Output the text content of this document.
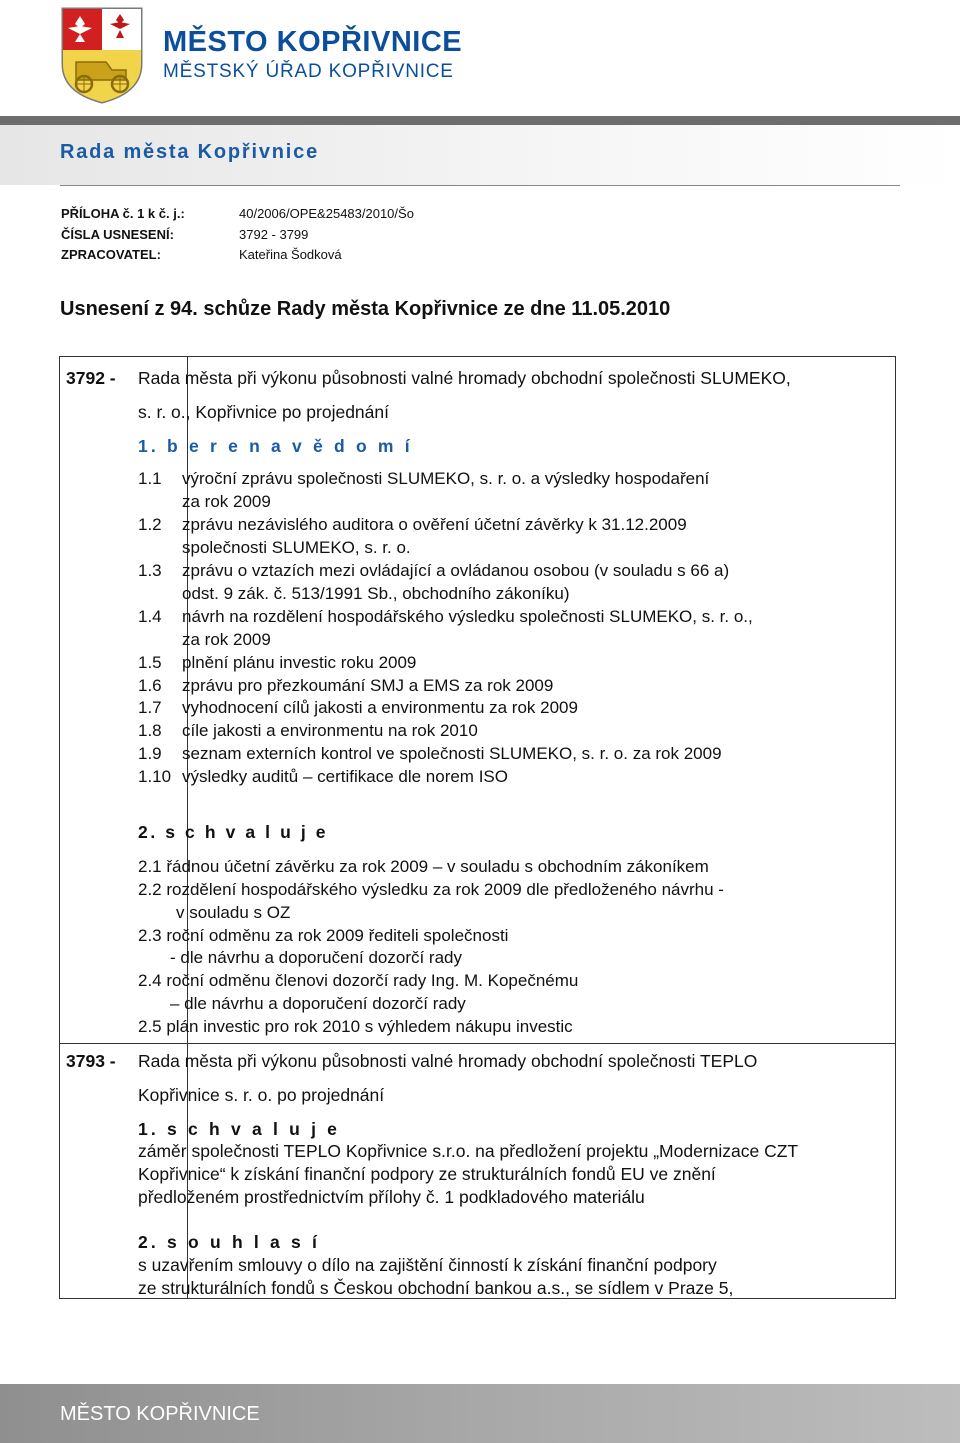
MĚSTO KOPŘIVNICE
MĚSTSKÝ ÚŘAD KOPŘIVNICE
Rada města Kopřivnice
PŘÍLOHA č. 1 k č. j.:	40/2006/OPE&25483/2010/Šo
ČÍSLA USNESENÍ:	3792 - 3799
ZPRACOVATEL:	Kateřina Šodková
Usnesení z 94. schůze Rady města Kopřivnice ze dne 11.05.2010
3792 - Rada města při výkonu působnosti valné hromady obchodní společnosti SLUMEKO,
s. r. o., Kopřivnice po projednání
1. b e r e n a v ě d o m í
1.1 výroční zprávu společnosti SLUMEKO, s. r. o. a výsledky hospodaření
za rok 2009
1.2 zprávu nezávislého auditora o ověření účetní závěrky k 31.12.2009
společnosti SLUMEKO, s. r. o.
1.3 zprávu o vztazích mezi ovládající a ovládanou osobou (v souladu s 66 a)
odst. 9 zák. č. 513/1991 Sb., obchodního zákoníku)
1.4 návrh na rozdělení hospodářského výsledku společnosti SLUMEKO, s. r. o.,
za rok 2009
1.5 plnění plánu investic roku 2009
1.6 zprávu pro přezkoumání SMJ a EMS za rok 2009
1.7 vyhodnocení cílů jakosti a environmentu za rok 2009
1.8 cíle jakosti a environmentu na rok 2010
1.9 seznam externích kontrol ve společnosti SLUMEKO, s. r. o. za rok 2009
1.10 výsledky auditů – certifikace dle norem ISO
2. s c h v a l u j e
2.1 řádnou účetní závěrku za rok 2009 – v souladu s obchodním zákoníkem
2.2 rozdělení hospodářského výsledku za rok 2009 dle předloženého návrhu -
v souladu s OZ
2.3 roční odměnu za rok 2009 řediteli společnosti
- dle návrhu a doporučení dozorčí rady
2.4 roční odměnu členovi dozorčí rady Ing. M. Kopečnému
– dle návrhu a doporučení dozorčí rady
2.5 plán investic pro rok 2010 s výhledem nákupu investic
3793 - Rada města při výkonu působnosti valné hromady obchodní společnosti TEPLO
Kopřivnice s. r. o. po projednání
1. s c h v a l u j e
záměr společnosti TEPLO Kopřivnice s.r.o. na předložení projektu „Modernizace CZT
Kopřivnice“ k získání finanční podpory ze strukturálních fondů EU ve znění
předloženém prostřednictvím přílohy č. 1 podkladového materiálu
2. s o u h l a s í
s uzavřením smlouvy o dílo na zajištění činností k získání finanční podpory
ze strukturálních fondů s Českou obchodní bankou a.s., se sídlem v Praze 5,
MĚSTO KOPŘIVNICE
